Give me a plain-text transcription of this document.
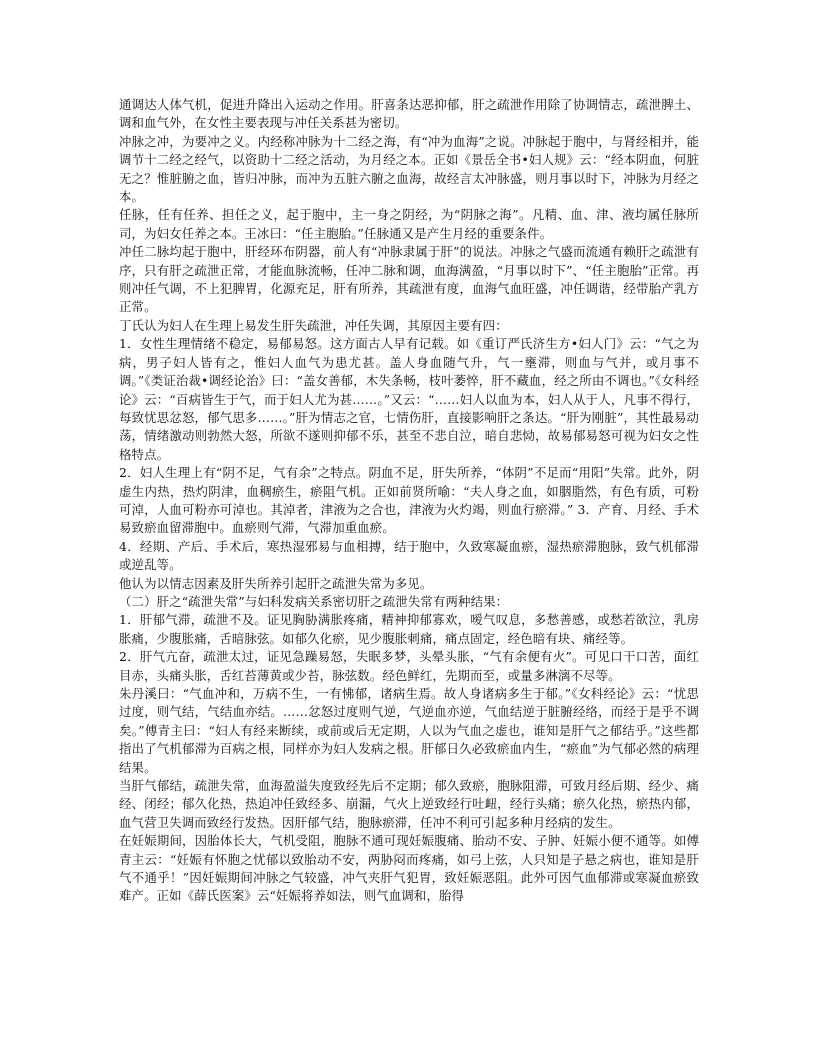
通调达人体气机，促进升降出入运动之作用。肝喜条达恶抑郁，肝之疏泄作用除了协调情志，疏泄脾土、调和血气外，在女性主要表现与冲任关系甚为密切。

冲脉之冲，为要冲之义。内经称冲脉为十二经之海，有“冲为血海”之说。冲脉起于胞中，与肾经相并，能调节十二经之经气，以资助十二经之活动，为月经之本。正如《景岳全书•妇人规》云：“经本阴血，何脏无之？惟脏腑之血，皆归冲脉，而冲为五脏六腑之血海，故经言太冲脉盛，则月事以时下，冲脉为月经之本。

任脉，任有任养、担任之义，起于胞中，主一身之阴经，为“阴脉之海”。凡精、血、津、液均属任脉所司，为妇女任养之本。王冰曰：“任主胞胎。”任脉通又是产生月经的重要条件。

冲任二脉均起于胞中，肝经环布阴器，前人有“冲脉隶属于肝”的说法。冲脉之气盛而流通有赖肝之疏泄有序，只有肝之疏泄正常，才能血脉流畅，任冲二脉和调，血海满盈，“月事以时下”、“任主胞胎”正常。再则冲任气调，不上犯脾胃，化源充足，肝有所养，其疏泄有度，血海气血旺盛，冲任调谐，经带胎产乳方正常。

丁氏认为妇人在生理上易发生肝失疏泄，冲任失调，其原因主要有四：

1．女性生理情绪不稳定，易郁易怒。这方面古人早有记载。如《重订严氏济生方•妇人门》云：“气之为病，男子妇人皆有之，惟妇人血气为患尤甚。盖人身血随气升，气一壅滞，则血与气并，或月事不调。”《类证治裁•调经论治》曰：“盖女善郁，木失条畅，枝叶萎悴，肝不藏血，经之所由不调也。”《女科经论》云：“百病皆生于气，而于妇人尤为甚……。”又云：“……妇人以血为本，妇人从于人，凡事不得行，每致忧思忿怒，郁气思多……。”肝为情志之官，七情伤肝，直接影响肝之条达。“肝为刚脏”，其性最易动荡，情绪激动则勃然大怒，所欲不遂则抑郁不乐，甚至不悲自泣，暗自悲恸，故易郁易怒可视为妇女之性格特点。

2．妇人生理上有“阴不足，气有余”之特点。阴血不足，肝失所养，“体阴”不足而“用阳”失常。此外，阴虚生内热，热灼阴津，血稠瘀生，瘀阻气机。正如前贤所喻：“夫人身之血，如胭脂然，有色有质，可粉可淖，人血可粉亦可淖也。其淖者，津液为之合也，津液为火灼竭，则血行瘀滞。” 3．产育、月经、手术易致瘀血留滞胞中。血瘀则气滞，气滞加重血瘀。

4．经期、产后、手术后，寒热湿邪易与血相搏，结于胞中，久致寒凝血瘀，湿热瘀滞胞脉，致气机郁滞或逆乱等。

他认为以情志因素及肝失所养引起肝之疏泄失常为多见。

（二）肝之“疏泄失常”与妇科发病关系密切肝之疏泄失常有两种结果：

1．肝郁气滞，疏泄不及。证见胸胁满胀疼痛，精神抑郁寡欢，嗳气叹息，多愁善感，或愁若欲泣，乳房胀痛，少腹胀痛，舌暗脉弦。如郁久化瘀，见少腹胀刺痛，痛点固定，经色暗有块、痛经等。

2．肝气亢奋，疏泄太过，证见急躁易怒，失眠多梦，头晕头胀，“气有余便有火”。可见口干口苦，面红目赤，头痛头胀，舌红苔薄黄或少苔，脉弦数。经色鲜红，先期而至，或量多淋漓不尽等。

朱丹溪曰：“气血冲和，万病不生，一有怫郁，诸病生焉。故人身诸病多生于郁。”《女科经论》云：“忧思过度，则气结，气结血亦结。……忿怒过度则气逆，气逆血亦逆，气血结逆于脏腑经络，而经于是乎不调矣。”傅青主曰：“妇人有经来断续，或前或后无定期，人以为气血之虚也，谁知是肝气之郁结乎。”这些都指出了气机郁滞为百病之根，同样亦为妇人发病之根。肝郁日久必致瘀血内生，“瘀血”为气郁必然的病理结果。

当肝气郁结，疏泄失常，血海盈溢失度致经先后不定期；郁久致瘀，胞脉阻滞，可致月经后期、经少、痛经、闭经；郁久化热，热迫冲任致经多、崩漏，气火上逆致经行吐衄，经行头痛；瘀久化热，瘀热内郁，血气营卫失调而致经行发热。因肝郁气结，胞脉瘀滞，任冲不利可引起多种月经病的发生。

在妊娠期间，因胎体长大，气机受阻，胞脉不通可现妊娠腹痛、胎动不安、子肿、妊娠小便不通等。如傅青主云：“妊娠有怀胞之忧郁以致胎动不安，两胁闷而疼痛，如弓上弦，人只知是子悬之病也，谁知是肝气不通乎！”因妊娠期间冲脉之气较盛，冲气夹肝气犯胃，致妊娠恶阻。此外可因气血郁滞或寒凝血瘀致难产。正如《薛氏医案》云“妊娠将养如法，则气血调和，胎得
